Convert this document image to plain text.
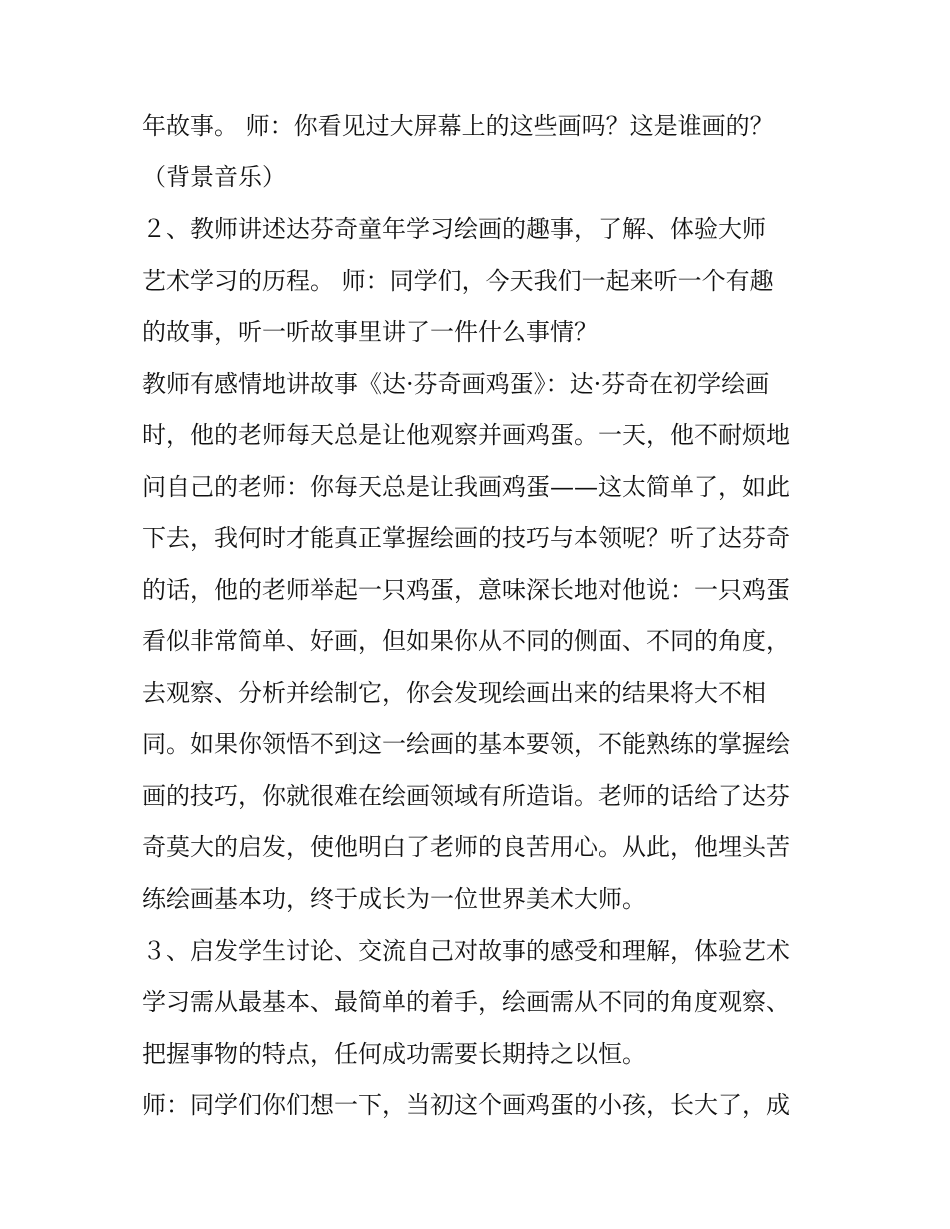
年故事。 师：你看见过大屏幕上的这些画吗？这是谁画的？
（背景音乐）
２、教师讲述达芬奇童年学习绘画的趣事，了解、体验大师
艺术学习的历程。 师：同学们，今天我们一起来听一个有趣
的故事，听一听故事里讲了一件什么事情？
教师有感情地讲故事《达·芬奇画鸡蛋》：达·芬奇在初学绘画
时，他的老师每天总是让他观察并画鸡蛋。一天，他不耐烦地
问自己的老师：你每天总是让我画鸡蛋——这太简单了，如此
下去，我何时才能真正掌握绘画的技巧与本领呢？听了达芬奇
的话，他的老师举起一只鸡蛋，意味深长地对他说：一只鸡蛋
看似非常简单、好画，但如果你从不同的侧面、不同的角度，
去观察、分析并绘制它，你会发现绘画出来的结果将大不相
同。如果你领悟不到这一绘画的基本要领，不能熟练的掌握绘
画的技巧，你就很难在绘画领域有所造诣。老师的话给了达芬
奇莫大的启发，使他明白了老师的良苦用心。从此，他埋头苦
练绘画基本功，终于成长为一位世界美术大师。
３、启发学生讨论、交流自己对故事的感受和理解，体验艺术
学习需从最基本、最简单的着手，绘画需从不同的角度观察、
把握事物的特点，任何成功需要长期持之以恒。
师：同学们你们想一下，当初这个画鸡蛋的小孩，长大了，成
